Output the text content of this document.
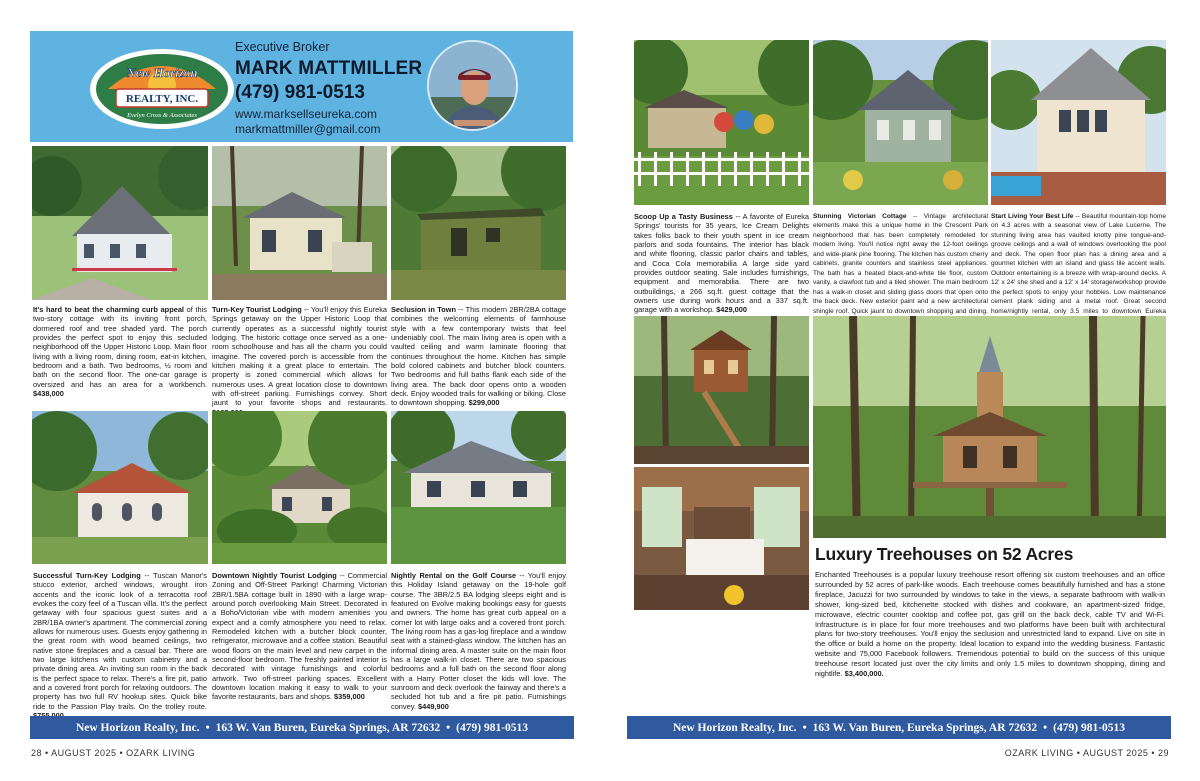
New Horizon
REALTY, INC.
Evelyn Cross & Associates
Executive Broker
MARK MATTMILLER
(479) 981-0513
www.marksellseureka.com
markmattmiller@gmail.com
It's hard to beat the charming curb appeal of this two-story cottage with its inviting front porch, dormered roof and tree shaded yard. The porch provides the perfect spot to enjoy this secluded neighborhood off the Upper Historic Loop. Main floor living with a living room, dining room, eat-in kitchen, bedroom and a bath. Two bedrooms, ½ room and bath on the second floor. The one-car garage is oversized and has an area for a workbench. $438,000
Turn-Key Tourist Lodging -- You'll enjoy this Eureka Springs getaway on the Upper Historic Loop that currently operates as a successful nightly tourist lodging. The historic cottage once served as a one-room schoolhouse and has all the charm you could imagine. The covered porch is accessible from the kitchen making it a great place to entertain. The property is zoned commercial which allows for numerous uses. A great location close to downtown with off-street parking. Furnishings convey. Short jaunt to your favorite shops and restaurants.
Seclusion in Town -- This modern 2BR/2BA cottage combines the welcoming elements of farmhouse style with a few contemporary twists that feel undeniably cool. The main living area is open with a vaulted ceiling and warm laminate flooring that continues throughout the home. Kitchen has simple bold colored cabinets and butcher block counters. Two bedrooms and full baths flank each side of the living area. The back door opens onto a wooden deck. Enjoy wooded trails for walking or biking. Close to downtown shopping. $299,000
Successful Turn-Key Lodging -- Tuscan Manor's stucco exterior, arched windows, wrought iron accents and the iconic look of a terracotta roof evokes the cozy feel of a Tuscan villa. It's the perfect getaway with four spacious guest suites and a 2BR/1BA owner's apartment. The commercial zoning allows for numerous uses. Guests enjoy gathering in the great room with wood beamed ceilings, two native stone fireplaces and a casual bar. There are two large kitchens with custom cabinetry and a private dining area. An inviting sun room in the back is the perfect space to relax. There's a fire pit, patio and a covered front porch for relaxing outdoors. The property has two full RV hookup sites. Quick bike ride to the Passion Play trails. On the trolley route.
Downtown Nightly Tourist Lodging -- Commercial Zoning and Off-Street Parking! Charming Victorian 2BR/1.5BA cottage built in 1890 with a large wrap-around porch overlooking Main Street. Decorated in a Boho/Victorian vibe with modern amenities you expect and a comfy atmosphere you need to relax. Remodeled kitchen with a butcher block counter, refrigerator, microwave and a coffee station. Beautiful wood floors on the main level and new carpet in the second-floor bedroom. The freshly painted interior is decorated with vintage furnishings and colorful artwork. Two off-street parking spaces. Excellent downtown location making it easy to walk to your favorite restaurants, bars and shops. $359,000
Nightly Rental on the Golf Course -- You'll enjoy this Holiday Island getaway on the 19-hole golf course. The 3BR/2.5 BA lodging sleeps eight and is featured on Evolve making bookings easy for guests and owners. The home has great curb appeal on a corner lot with large oaks and a covered front porch. The living room has a gas-log fireplace and a window seat with a stained-glass window. The kitchen has an informal dining area. A master suite on the main floor has a large walk-in closet. There are two spacious bedrooms and a full bath on the second floor along with a Harry Potter closet the kids will love. The sunroom and deck overlook the fairway and there's a secluded hot tub and a fire pit patio. Furnishings convey. $449,900
New Horizon Realty, Inc. • 163 W. Van Buren, Eureka Springs, AR 72632 • (479) 981-0513
28 • AUGUST 2025 • OZARK LIVING
Scoop Up a Tasty Business -- A favorite of Eureka Springs' tourists for 35 years, Ice Cream Delights takes folks back to their youth spent in ice cream parlors and soda fountains. The interior has black and white flooring, classic parlor chairs and tables, and Coca Cola memorabilia A large side yard provides outdoor seating. Sale includes furnishings, equipment and memorabilia. There are two outbuildings, a 266 sq.ft. guest cottage that the owners use during work hours and a 337 sq.ft. garage with a workshop. $429,000
Stunning Victorian Cottage -- Vintage architectural elements make this a unique home in the Crescent Park neighborhood that has been completely remodeled for modern living. You'll notice right away the 12-foot ceilings and wide-plank pine flooring. The kitchen has custom cherry cabinets, granite counters and stainless steel appliances. The bath has a heated black-and-white tile floor, custom vanity, a clawfoot tub and a tiled shower. The main bedroom has a walk-in closet and sliding glass doors that open onto the back deck. New exterior paint and a new architectural shingle roof. Quick jaunt to downtown shopping and dining.
Start Living Your Best Life -- Beautiful mountain-top home on 4.3 acres with a seasonal view of Lake Lucerne. The stunning living area has vaulted knotty pine tongue-and-groove ceilings and a wall of windows overlooking the pool and deck. The open floor plan has a dining area and a gourmet kitchen with an island and glass tile accent walls. Outdoor entertaining is a breeze with wrap-around decks. A 12' x 24' she shed and a 12' x 14' storage/workshop provide the perfect spots to enjoy your hobbies. Low maintenance cement plank siding and a metal roof. Great second home/nightly rental, only 3.5 miles to downtown Eureka
Luxury Treehouses on 52 Acres
Enchanted Treehouses is a popular luxury treehouse resort offering six custom treehouses and an office surrounded by 52 acres of park-like woods. Each treehouse comes beautifully furnished and has a stone fireplace, Jacuzzi for two surrounded by windows to take in the views, a separate bathroom with walk-in shower, king-sized bed, kitchenette stocked with dishes and cookware, an apartment-sized fridge, microwave, electric counter cooktop and coffee pot, gas grill on the back deck, cable TV and Wi-Fi. Infrastructure is in place for four more treehouses and two platforms have been built with architectural plans for two-story treehouses. You'll enjoy the seclusion and unrestricted land to expand. Live on site in the office or build a home on the property. Ideal location to expand into the wedding business. Fantastic website and 75,000 Facebook followers. Tremendous potential to build on the success of this unique treehouse resort located just over the city limits and only 1.5 miles to downtown shopping, dining and nightlife. $3,400,000.
New Horizon Realty, Inc. • 163 W. Van Buren, Eureka Springs, AR 72632 • (479) 981-0513
OZARK LIVING • AUGUST 2025 • 29
